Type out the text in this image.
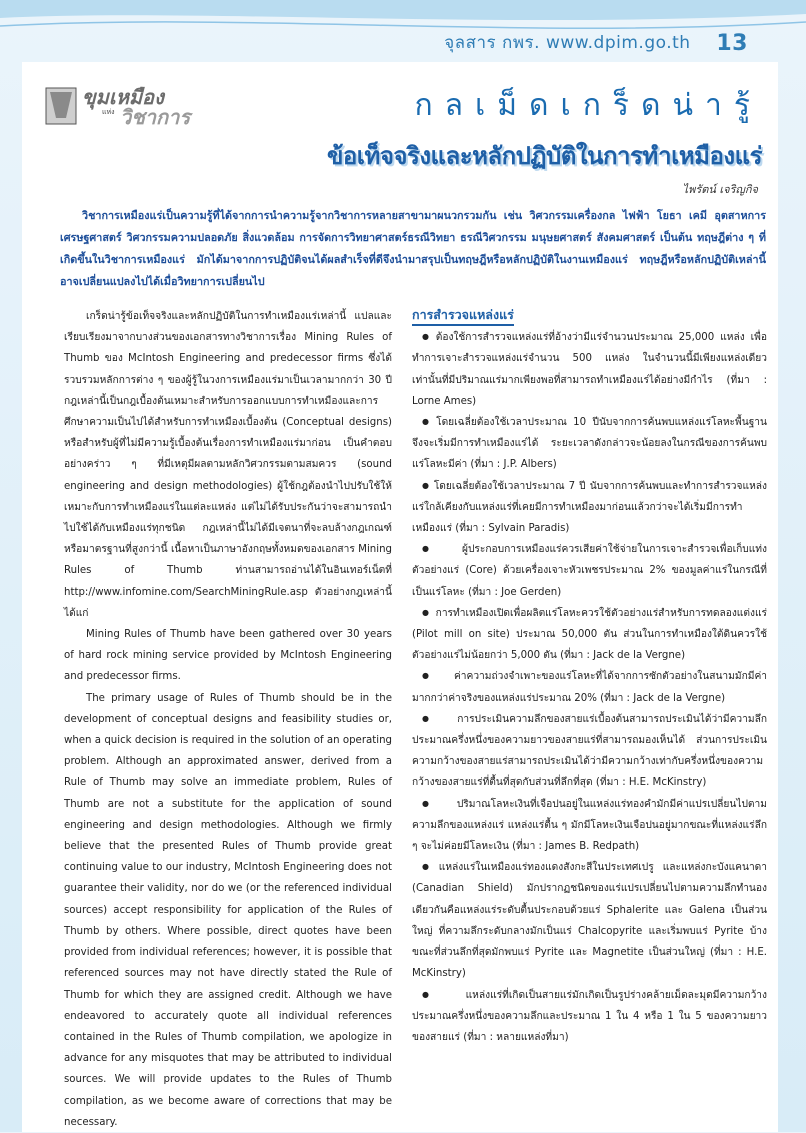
จุลสาร กพร. www.dpim.go.th 13
ขุมเหมือง
แห่ง วิชาการ	กลเม็ดเกร็ดน่ารู้
ข้อเท็จจริงและหลักปฏิบัติในการทำเหมืองแร่
ไพรัตน์ เจริญกิจ
วิชาการเหมืองแร่เป็นความรู้ที่ได้จากการนำความรู้จากวิชาการหลายสาขามาผนวกรวมกัน เช่น วิศวกรรมเครื่องกล ไฟฟ้า โยธา เคมี อุตสาหการ เศรษฐศาสตร์ วิศวกรรมความปลอดภัย สิ่งแวดล้อม การจัดการวิทยาศาสตร์ธรณีวิทยา ธรณีวิศวกรรม มนุษยศาสตร์ สังคมศาสตร์ เป็นต้น ทฤษฎีต่าง ๆ ที่เกิดขึ้นในวิชาการเหมืองแร่ มักได้มาจากการปฏิบัติจนได้ผลสำเร็จที่ดีจึงนำมาสรุปเป็นทฤษฎีหรือหลักปฏิบัติในงานเหมืองแร่ ทฤษฎีหรือหลักปฏิบัติเหล่านี้อาจเปลี่ยนแปลงไปได้เมื่อวิทยาการเปลี่ยนไป

เกร็ดน่ารู้ข้อเท็จจริงและหลักปฏิบัติในการทำเหมืองแร่เหล่านี้ แปลและเรียบเรียงมาจากบางส่วนของเอกสารทางวิชาการเรื่อง Mining Rules of Thumb ของ McIntosh Engineering and predecessor firms ซึ่งได้รวบรวมหลักการต่าง ๆ ของผู้รู้ในวงการเหมืองแร่มาเป็นเวลามากกว่า 30 ปี กฎเหล่านี้เป็นกฎเบื้องต้นเหมาะสำหรับการออกแบบการทำเหมืองและการศึกษาความเป็นไปได้สำหรับการทำเหมืองเบื้องต้น (Conceptual designs) หรือสำหรับผู้ที่ไม่มีความรู้เบื้องต้นเรื่องการทำเหมืองแร่มาก่อน เป็นคำตอบอย่างคร่าว ๆ ที่มีเหตุมีผลตามหลักวิศวกรรมตามสมควร (sound engineering and design methodologies) ผู้ใช้กฎต้องนำไปปรับใช้ให้เหมาะกับการทำเหมืองแร่ในแต่ละแหล่ง แต่ไม่ได้รับประกันว่าจะสามารถนำไปใช้ได้กับเหมืองแร่ทุกชนิด กฎเหล่านี้ไม่ได้มีเจตนาที่จะลบล้างกฎเกณฑ์หรือมาตรฐานที่สูงกว่านี้ เนื้อหาเป็นภาษาอังกฤษทั้งหมดของเอกสาร Mining Rules of Thumb ท่านสามารถอ่านได้ในอินเทอร์เน็ตที่ http://www.infomine.com/SearchMiningRule.asp ตัวอย่างกฎเหล่านี้ได้แก่

Mining Rules of Thumb have been gathered over 30 years of hard rock mining service provided by McIntosh Engineering and predecessor firms.

The primary usage of Rules of Thumb should be in the development of conceptual designs and feasibility studies or, when a quick decision is required in the solution of an operating problem. Although an approximated answer, derived from a Rule of Thumb may solve an immediate problem, Rules of Thumb are not a substitute for the application of sound engineering and design methodologies. Although we firmly believe that the presented Rules of Thumb provide great continuing value to our industry, McIntosh Engineering does not guarantee their validity, nor do we (or the referenced individual sources) accept responsibility for application of the Rules of Thumb by others. Where possible, direct quotes have been provided from individual references; however, it is possible that referenced sources may not have directly stated the Rule of Thumb for which they are assigned credit. Although we have endeavored to accurately quote all individual references contained in the Rules of Thumb compilation, we apologize in advance for any misquotes that may be attributed to individual sources. We will provide updates to the Rules of Thumb compilation, as we become aware of corrections that may be necessary.

การสำรวจแหล่งแร่

● ต้องใช้การสำรวจแหล่งแร่ที่อ้างว่ามีแร่จำนวนประมาณ 25,000 แหล่ง เพื่อทำการเจาะสำรวจแหล่งแร่จำนวน 500 แหล่ง ในจำนวนนี้มีเพียงแหล่งเดียวเท่านั้นที่มีปริมาณแร่มากเพียงพอที่สามารถทำเหมืองแร่ได้อย่างมีกำไร (ที่มา : Lorne Ames)

● โดยเฉลี่ยต้องใช้เวลาประมาณ 10 ปีนับจากการค้นพบแหล่งแร่โลหะพื้นฐานจึงจะเริ่มมีการทำเหมืองแร่ได้ ระยะเวลาดังกล่าวจะน้อยลงในกรณีของการค้นพบแร่โลหะมีค่า (ที่มา : J.P. Albers)

● โดยเฉลี่ยต้องใช้เวลาประมาณ 7 ปี นับจากการค้นพบและทำการสำรวจแหล่งแร่ใกล้เคียงกับแหล่งแร่ที่เคยมีการทำเหมืองมาก่อนแล้วกว่าจะได้เริ่มมีการทำเหมืองแร่ (ที่มา : Sylvain Paradis)

● ผู้ประกอบการเหมืองแร่ควรเสียค่าใช้จ่ายในการเจาะสำรวจเพื่อเก็บแท่งตัวอย่างแร่ (Core) ด้วยเครื่องเจาะหัวเพชรประมาณ 2% ของมูลค่าแร่ในกรณีที่เป็นแร่โลหะ (ที่มา : Joe Gerden)

● การทำเหมืองเปิดเพื่อผลิตแร่โลหะควรใช้ตัวอย่างแร่สำหรับการทดลองแต่งแร่ (Pilot mill on site) ประมาณ 50,000 ตัน ส่วนในการทำเหมืองใต้ดินควรใช้ตัวอย่างแร่ไม่น้อยกว่า 5,000 ตัน (ที่มา : Jack de la Vergne)

● ค่าความถ่วงจำเพาะของแร่โลหะที่ได้จากการซักตัวอย่างในสนามมักมีค่ามากกว่าค่าจริงของแหล่งแร่ประมาณ 20% (ที่มา : Jack de la Vergne)

● การประเมินความลึกของสายแร่เบื้องต้นสามารถประเมินได้ว่ามีความลึกประมาณครึ่งหนึ่งของความยาวของสายแร่ที่สามารถมองเห็นได้ ส่วนการประเมินความกว้างของสายแร่สามารถประเมินได้ว่ามีความกว้างเท่ากับครึ่งหนึ่งของความกว้างของสายแร่ที่ตื้นที่สุดกับส่วนที่ลึกที่สุด (ที่มา : H.E. McKinstry)

● ปริมาณโลหะเงินที่เจือปนอยู่ในแหล่งแร่ทองคำมักมีค่าแปรเปลี่ยนไปตามความลึกของแหล่งแร่ แหล่งแร่ตื้น ๆ มักมีโลหะเงินเจือปนอยู่มากขณะที่แหล่งแร่ลึก ๆ จะไม่ค่อยมีโลหะเงิน (ที่มา : James B. Redpath)

● แหล่งแร่ในเหมืองแร่ทองแดงสังกะสีในประเทศเปรู และแหล่งกะบังแคนาดา (Canadian Shield) มักปรากฏชนิดของแร่แปรเปลี่ยนไปตามความลึกทำนองเดียวกันคือแหล่งแร่ระดับตื้นประกอบด้วยแร่ Sphalerite และ Galena เป็นส่วนใหญ่ ที่ความลึกระดับกลางมักเป็นแร่ Chalcopyrite และเริ่มพบแร่ Pyrite บ้าง ขณะที่ส่วนลึกที่สุดมักพบแร่ Pyrite และ Magnetite เป็นส่วนใหญ่ (ที่มา : H.E. McKinstry)

● แหล่งแร่ที่เกิดเป็นสายแร่มักเกิดเป็นรูปร่างคล้ายเม็ดละมุดมีความกว้างประมาณครึ่งหนึ่งของความลึกและประมาณ 1 ใน 4 หรือ 1 ใน 5 ของความยาวของสายแร่ (ที่มา : หลายแหล่งที่มา)
